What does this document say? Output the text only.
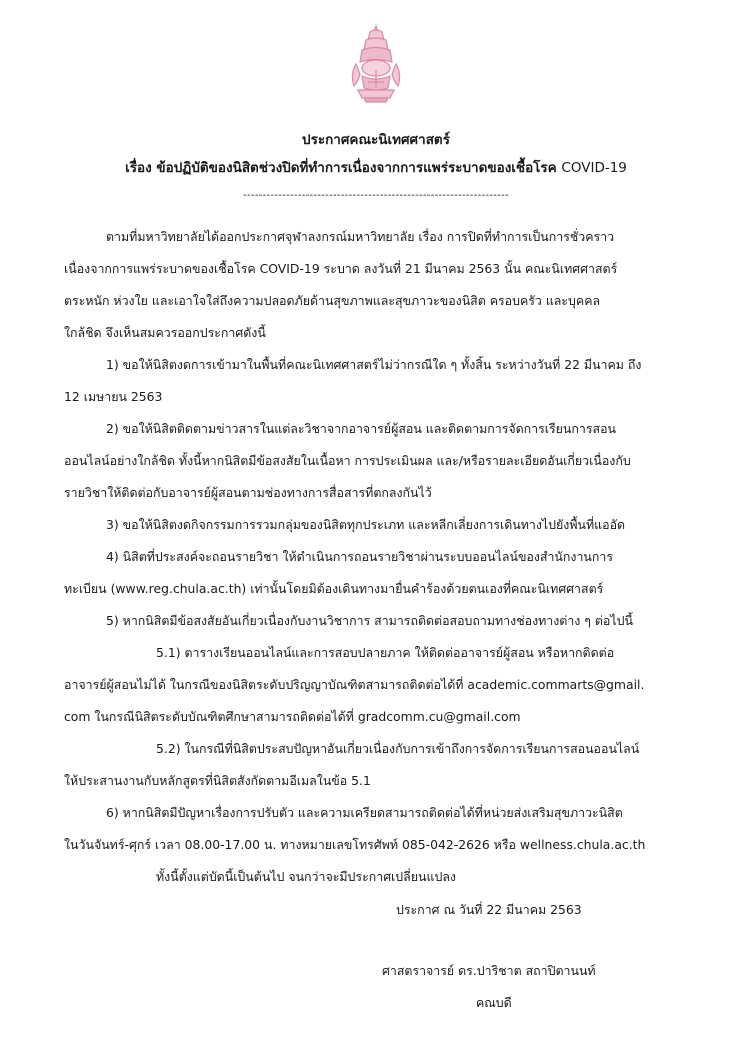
ประกาศคณะนิเทศศาสตร์
เรื่อง ข้อปฏิบัติของนิสิตช่วงปิดที่ทำการเนื่องจากการแพร่ระบาดของเชื้อโรค COVID-19
--------------------------------------------------------------------
ตามที่มหาวิทยาลัยได้ออกประกาศจุฬาลงกรณ์มหาวิทยาลัย เรื่อง การปิดที่ทำการเป็นการชั่วคราว
เนื่องจากการแพร่ระบาดของเชื้อโรค COVID-19 ระบาด ลงวันที่ 21 มีนาคม 2563 นั้น คณะนิเทศศาสตร์
ตระหนัก ห่วงใย และเอาใจใส่ถึงความปลอดภัยด้านสุขภาพและสุขภาวะของนิสิต ครอบครัว และบุคคล
ใกล้ชิด จึงเห็นสมควรออกประกาศดังนี้
1) ขอให้นิสิตงดการเข้ามาในพื้นที่คณะนิเทศศาสตร์ไม่ว่ากรณีใด ๆ ทั้งสิ้น ระหว่างวันที่ 22 มีนาคม ถึง
12 เมษายน 2563
2) ขอให้นิสิตติดตามข่าวสารในแต่ละวิชาจากอาจารย์ผู้สอน และติดตามการจัดการเรียนการสอน
ออนไลน์อย่างใกล้ชิด ทั้งนี้หากนิสิตมีข้อสงสัยในเนื้อหา การประเมินผล และ/หรือรายละเอียดอันเกี่ยวเนื่องกับ
รายวิชาให้ติดต่อกับอาจารย์ผู้สอนตามช่องทางการสื่อสารที่ตกลงกันไว้
3) ขอให้นิสิตงดกิจกรรมการรวมกลุ่มของนิสิตทุกประเภท และหลีกเลี่ยงการเดินทางไปยังพื้นที่แออัด
4) นิสิตที่ประสงค์จะถอนรายวิชา ให้ดำเนินการถอนรายวิชาผ่านระบบออนไลน์ของสำนักงานการ
ทะเบียน (www.reg.chula.ac.th) เท่านั้นโดยมิต้องเดินทางมายื่นคำร้องด้วยตนเองที่คณะนิเทศศาสตร์
5) หากนิสิตมีข้อสงสัยอันเกี่ยวเนื่องกับงานวิชาการ สามารถติดต่อสอบถามทางช่องทางต่าง ๆ ต่อไปนี้
5.1) ตารางเรียนออนไลน์และการสอบปลายภาค ให้ติดต่ออาจารย์ผู้สอน หรือหากติดต่อ
อาจารย์ผู้สอนไม่ได้ ในกรณีของนิสิตระดับปริญญาบัณฑิตสามารถติดต่อได้ที่ academic.commarts@gmail.
com ในกรณีนิสิตระดับบัณฑิตศึกษาสามารถติดต่อได้ที่ gradcomm.cu@gmail.com
5.2) ในกรณีที่นิสิตประสบปัญหาอันเกี่ยวเนื่องกับการเข้าถึงการจัดการเรียนการสอนออนไลน์
ให้ประสานงานกับหลักสูตรที่นิสิตสังกัดตามอีเมลในข้อ 5.1
6) หากนิสิตมีปัญหาเรื่องการปรับตัว และความเครียดสามารถติดต่อได้ที่หน่วยส่งเสริมสุขภาวะนิสิต
ในวันจันทร์-ศุกร์ เวลา 08.00-17.00 น. ทางหมายเลขโทรศัพท์ 085-042-2626 หรือ wellness.chula.ac.th
ทั้งนี้ตั้งแต่บัดนี้เป็นต้นไป จนกว่าจะมีประกาศเปลี่ยนแปลง
ประกาศ ณ วันที่ 22 มีนาคม 2563
ศาสตราจารย์ ดร.ปาริชาต สถาปิตานนท์
คณบดี
